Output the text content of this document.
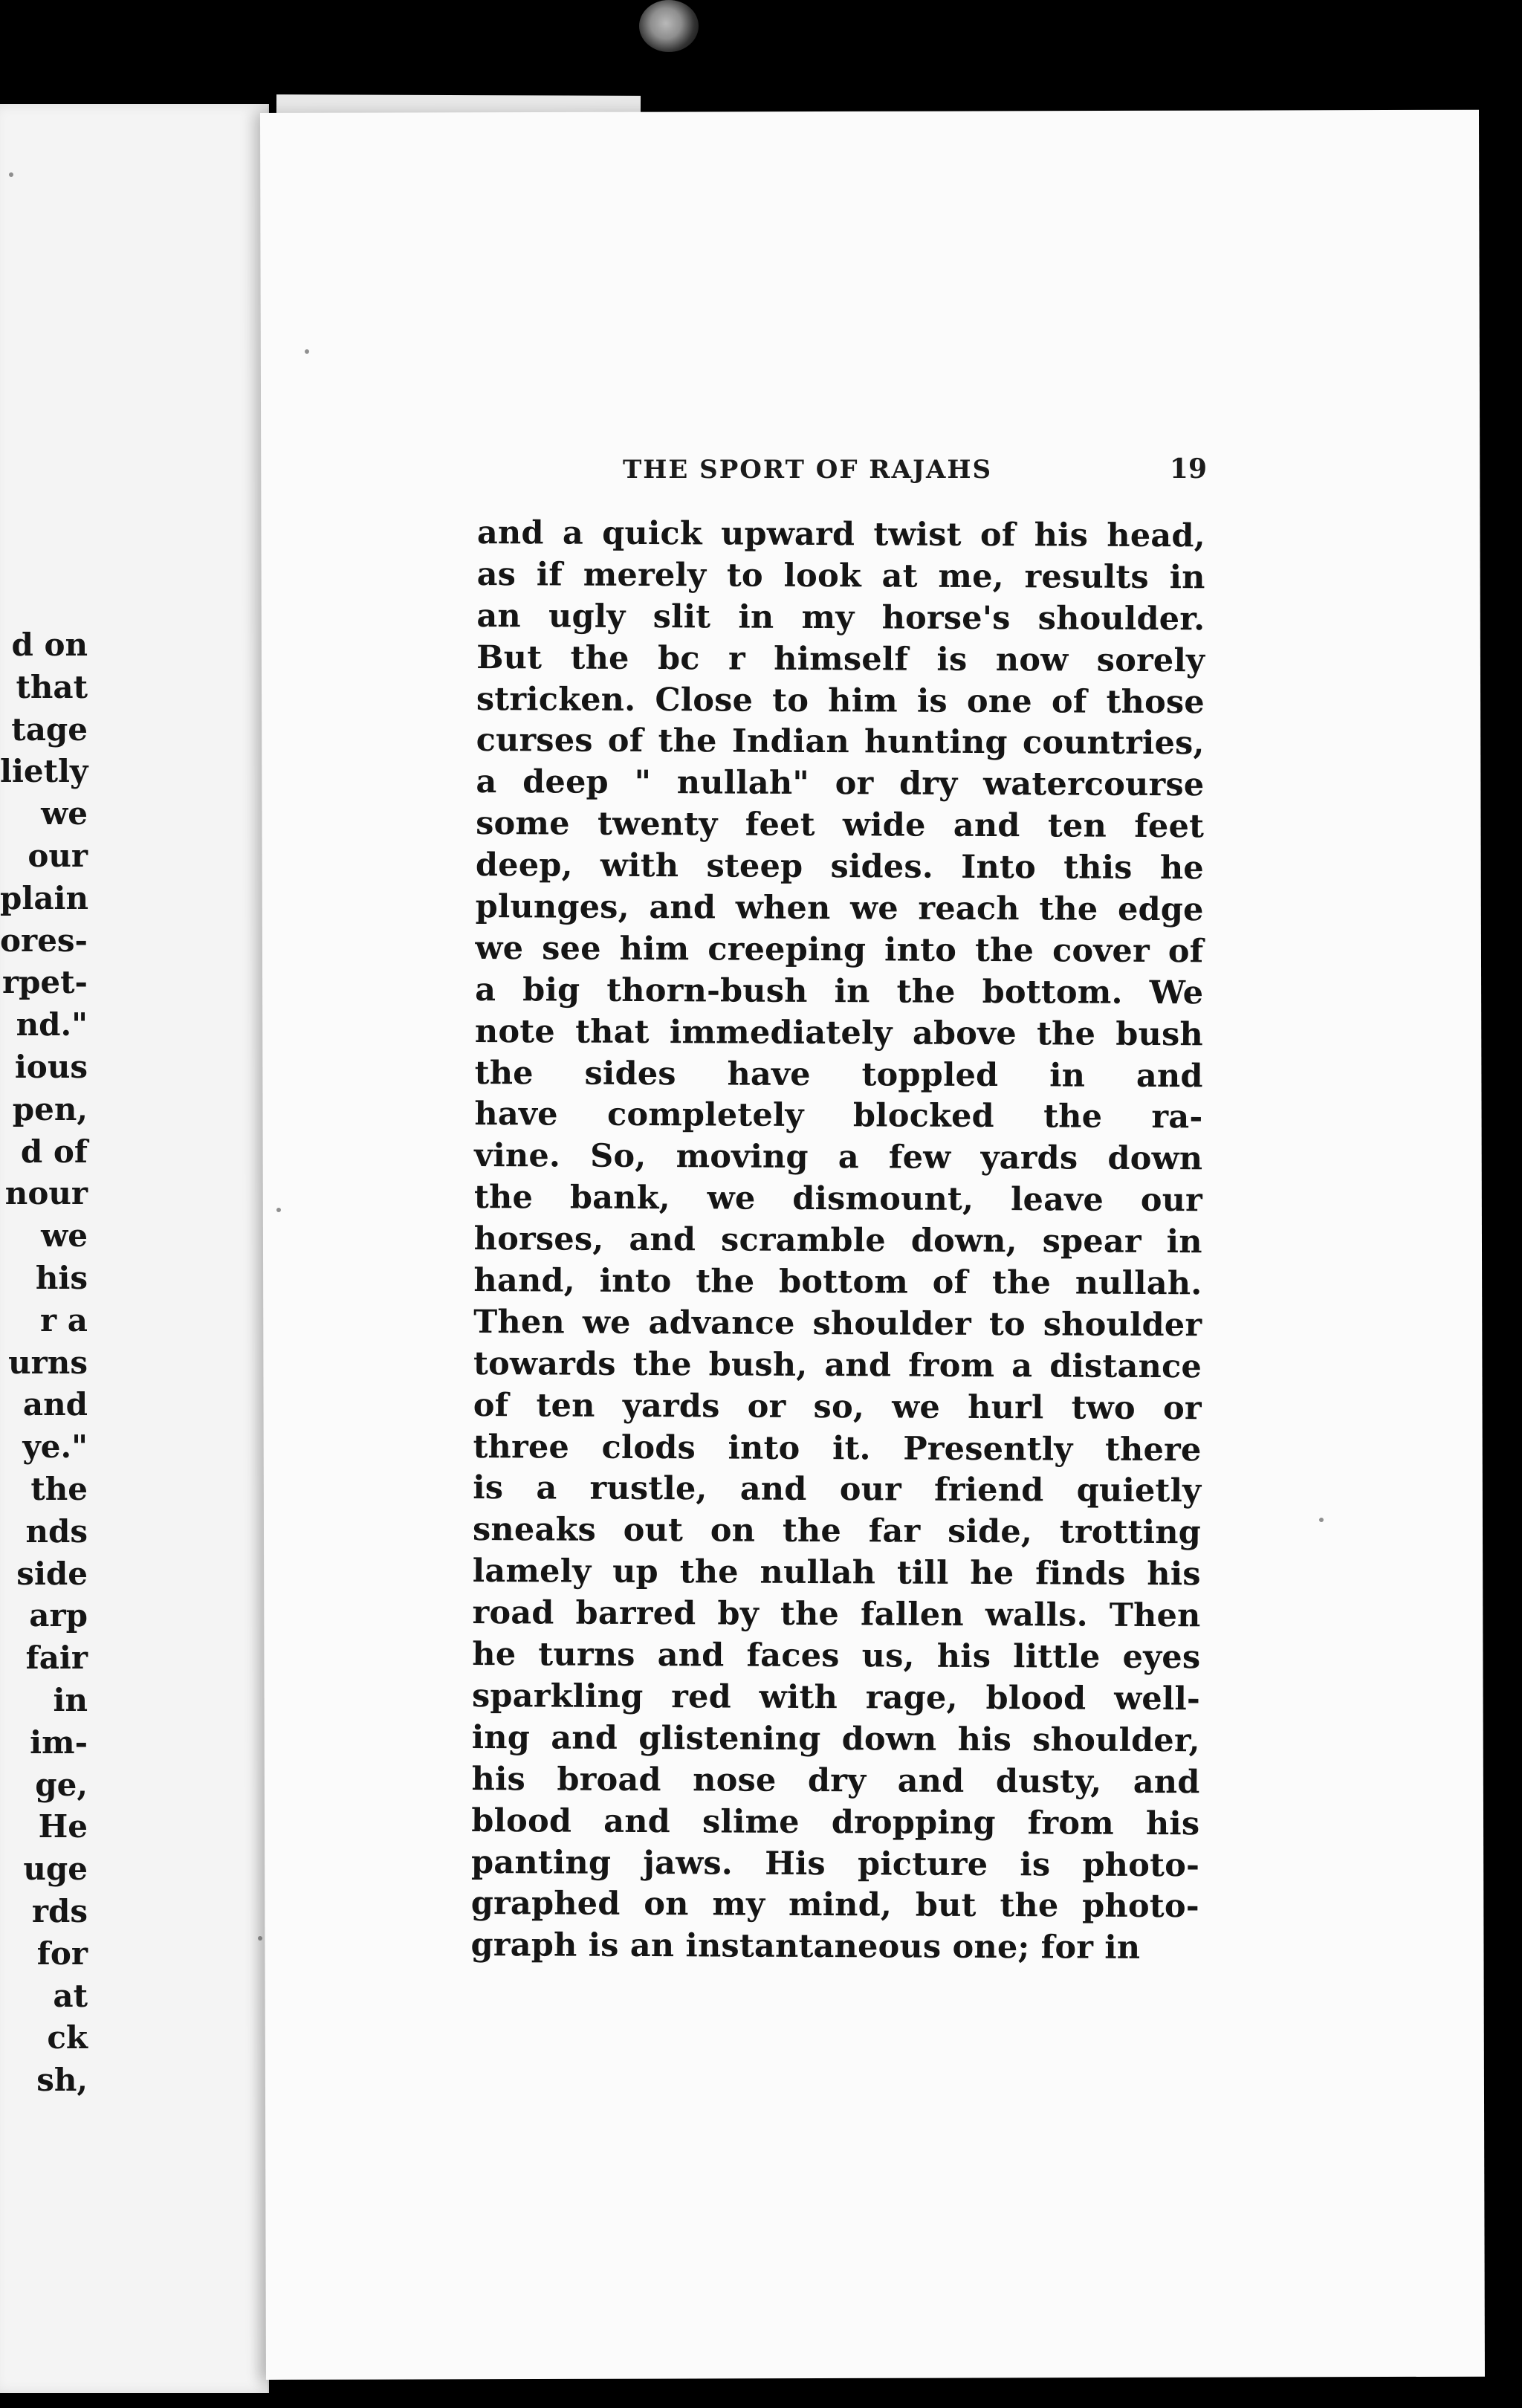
d on
that
tage
lietly
we
our
plain
ores-
rpet-
nd."
ious
pen,
d of
nour
we
his
r a
urns
and
ye."
the
nds
side
arp
fair
in
im-
ge,
He
uge
rds
for
at
ck
sh,
THE SPORT OF RAJAHS	19
and a quick upward twist of his head,
as if merely to look at me, results in
an ugly slit in my horse's shoulder.
But the bc r himself is now sorely
stricken. Close to him is one of those
curses of the Indian hunting countries,
a deep " nullah" or dry watercourse
some twenty feet wide and ten feet
deep, with steep sides. Into this he
plunges, and when we reach the edge
we see him creeping into the cover of
a big thorn-bush in the bottom. We
note that immediately above the bush
the sides have toppled in and
have completely blocked the ra-
vine. So, moving a few yards down
the bank, we dismount, leave our
horses, and scramble down, spear in
hand, into the bottom of the nullah.
Then we advance shoulder to shoulder
towards the bush, and from a distance
of ten yards or so, we hurl two or
three clods into it. Presently there
is a rustle, and our friend quietly
sneaks out on the far side, trotting
lamely up the nullah till he finds his
road barred by the fallen walls. Then
he turns and faces us, his little eyes
sparkling red with rage, blood well-
ing and glistening down his shoulder,
his broad nose dry and dusty, and
blood and slime dropping from his
panting jaws. His picture is photo-
graphed on my mind, but the photo-
graph is an instantaneous one; for in
